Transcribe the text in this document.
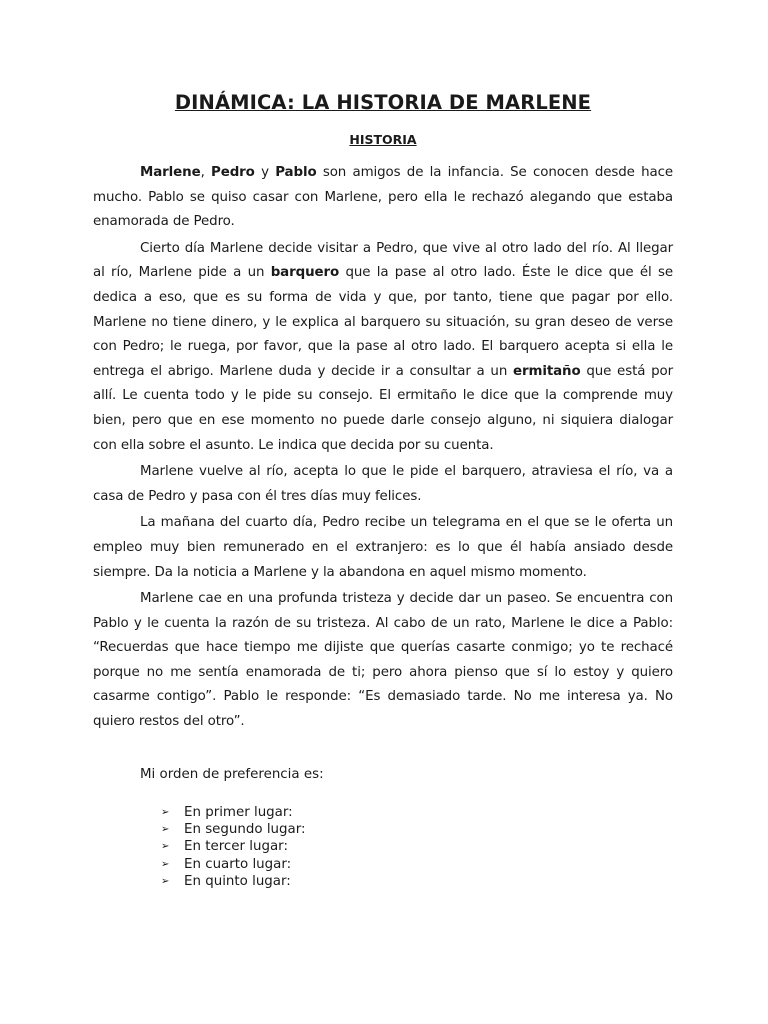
DINÁMICA: LA HISTORIA DE MARLENE
HISTORIA

Marlene, Pedro y Pablo son amigos de la infancia. Se conocen desde hace mucho. Pablo se quiso casar con Marlene, pero ella le rechazó alegando que estaba enamorada de Pedro.

Cierto día Marlene decide visitar a Pedro, que vive al otro lado del río. Al llegar al río, Marlene pide a un barquero que la pase al otro lado. Éste le dice que él se dedica a eso, que es su forma de vida y que, por tanto, tiene que pagar por ello. Marlene no tiene dinero, y le explica al barquero su situación, su gran deseo de verse con Pedro; le ruega, por favor, que la pase al otro lado. El barquero acepta si ella le entrega el abrigo. Marlene duda y decide ir a consultar a un ermitaño que está por allí. Le cuenta todo y le pide su consejo. El ermitaño le dice que la comprende muy bien, pero que en ese momento no puede darle consejo alguno, ni siquiera dialogar con ella sobre el asunto. Le indica que decida por su cuenta.

Marlene vuelve al río, acepta lo que le pide el barquero, atraviesa el río, va a casa de Pedro y pasa con él tres días muy felices.

La mañana del cuarto día, Pedro recibe un telegrama en el que se le oferta un empleo muy bien remunerado en el extranjero: es lo que él había ansiado desde siempre. Da la noticia a Marlene y la abandona en aquel mismo momento.

Marlene cae en una profunda tristeza y decide dar un paseo. Se encuentra con Pablo y le cuenta la razón de su tristeza. Al cabo de un rato, Marlene le dice a Pablo: “Recuerdas que hace tiempo me dijiste que querías casarte conmigo; yo te rechacé porque no me sentía enamorada de ti; pero ahora pienso que sí lo estoy y quiero casarme contigo”. Pablo le responde: “Es demasiado tarde. No me interesa ya. No quiero restos del otro”.

Mi orden de preferencia es:

➢	En primer lugar:
➢	En segundo lugar:
➢	En tercer lugar:
➢	En cuarto lugar:
➢	En quinto lugar:
